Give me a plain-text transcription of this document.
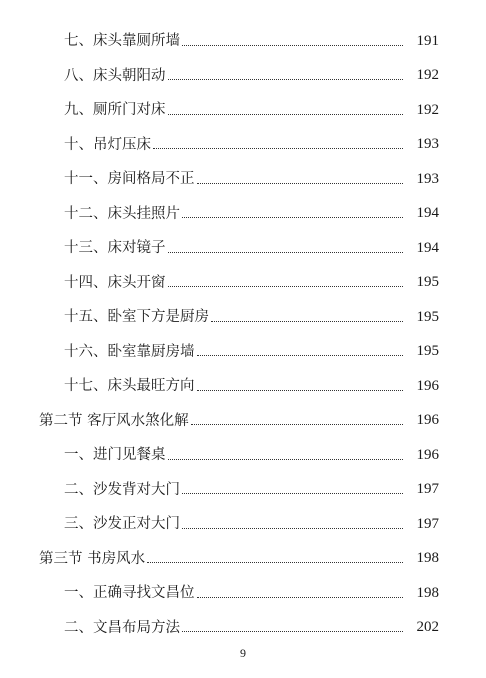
七、床头靠厕所墙	191
八、床头朝阳动	192
九、厕所门对床	192
十、吊灯压床	193
十一、房间格局不正	193
十二、床头挂照片	194
十三、床对镜子	194
十四、床头开窗	195
十五、卧室下方是厨房	195
十六、卧室靠厨房墙	195
十七、床头最旺方向	196
第二节 客厅风水煞化解	196
一、进门见餐桌	196
二、沙发背对大门	197
三、沙发正对大门	197
第三节 书房风水	198
一、正确寻找文昌位	198
二、文昌布局方法	202
9
